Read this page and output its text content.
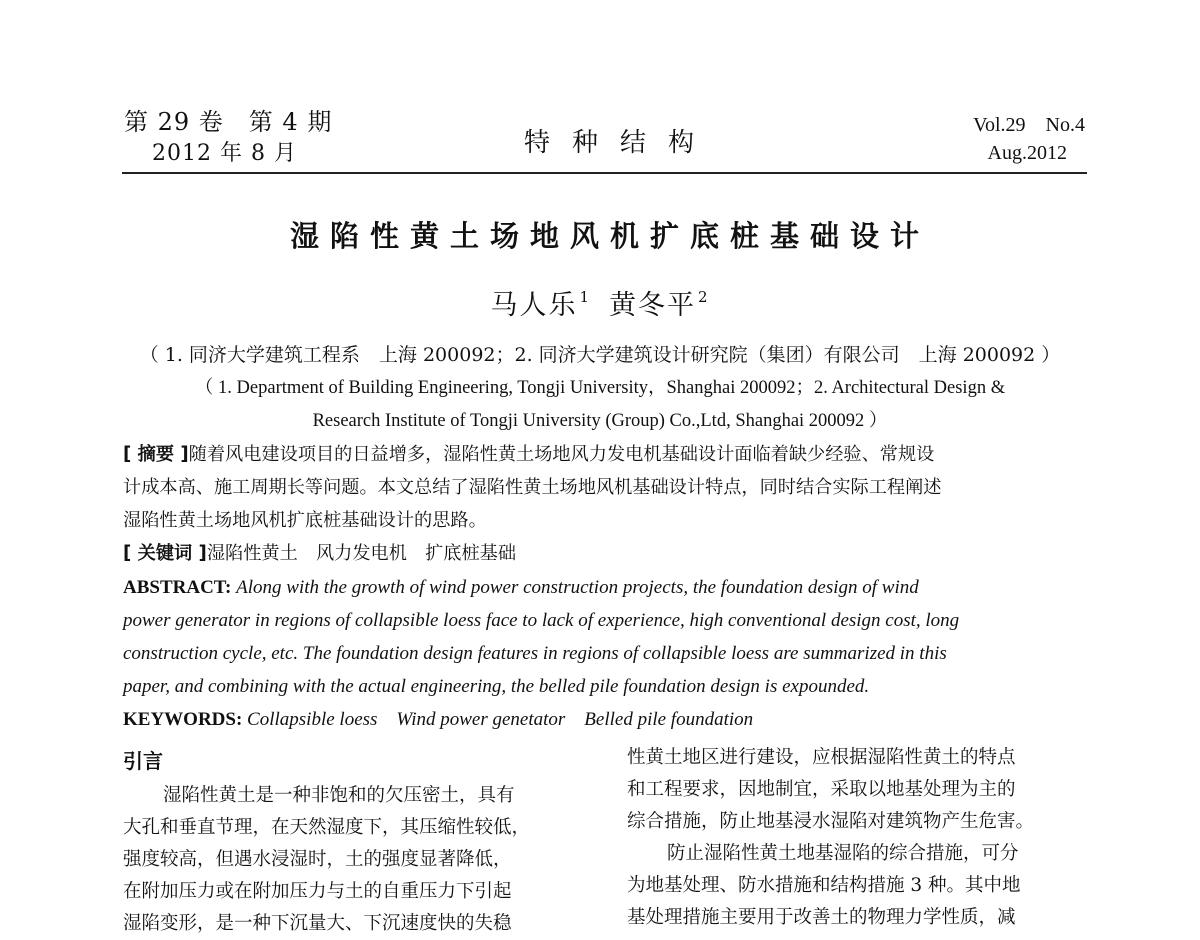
第 29 卷　第 4 期
2012 年 8 月	特种结构
Vol.29　No.4
Aug.2012
湿陷性黄土场地风机扩底桩基础设计
马人乐 $^1$ 黄冬平 $^2$
（ 1. 同济大学建筑工程系　上海 200092；2. 同济大学建筑设计研究院（集团）有限公司　上海 200092 ）
（ 1. Department of Building Engineering, Tongji University，Shanghai 200092；2. Architectural Design &
Research Institute of Tongji University (Group) Co.,Ltd, Shanghai 200092 ）
[ 摘要 ]随着风电建设项目的日益增多，湿陷性黄土场地风力发电机基础设计面临着缺少经验、常规设
计成本高、施工周期长等问题。本文总结了湿陷性黄土场地风机基础设计特点，同时结合实际工程阐述
湿陷性黄土场地风机扩底桩基础设计的思路。
[ 关键词 ]湿陷性黄土　风力发电机　扩底桩基础
ABSTRACT: Along with the growth of wind power construction projects, the foundation design of wind
power generator in regions of collapsible loess face to lack of experience, high conventional design cost, long
construction cycle, etc. The foundation design features in regions of collapsible loess are summarized in this
paper, and combining with the actual engineering, the belled pile foundation design is expounded.
KEYWORDS: Collapsible loess　Wind power genetator　Belled pile foundation
引言
湿陷性黄土是一种非饱和的欠压密土，具有
大孔和垂直节理，在天然湿度下，其压缩性较低，
强度较高，但遇水浸湿时，土的强度显著降低，
在附加压力或在附加压力与土的自重压力下引起
湿陷变形，是一种下沉量大、下沉速度快的失稳
性黄土地区进行建设，应根据湿陷性黄土的特点
和工程要求，因地制宜，采取以地基处理为主的
综合措施，防止地基浸水湿陷对建筑物产生危害。
防止湿陷性黄土地基湿陷的综合措施，可分
为地基处理、防水措施和结构措施 3 种。其中地
基处理措施主要用于改善土的物理力学性质，减
